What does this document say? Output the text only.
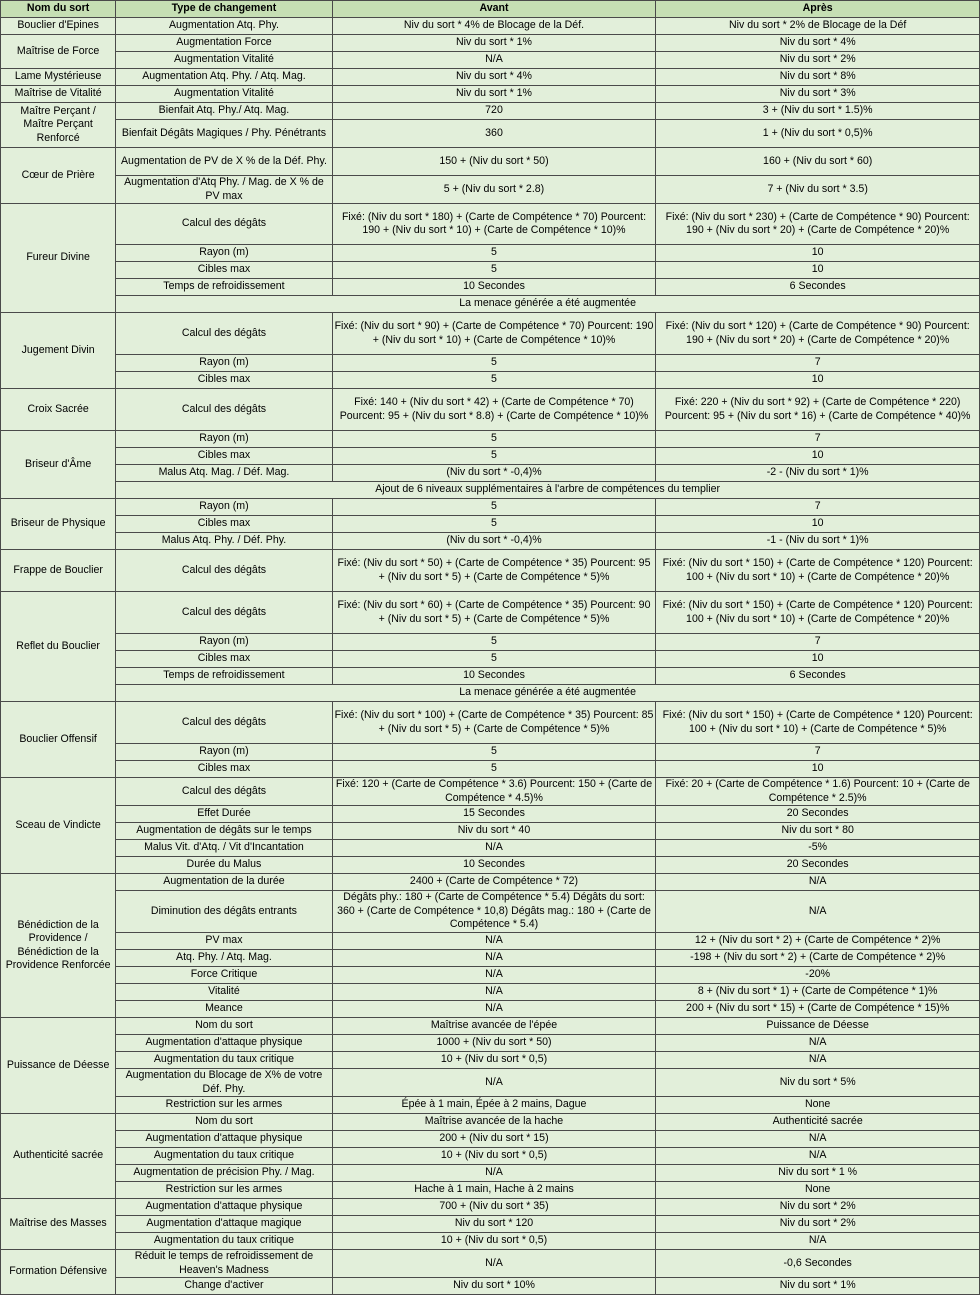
Nom du sort	Type de changement	Avant	Après
Bouclier d'Epines	Augmentation Atq. Phy.	Niv du sort * 4% de Blocage de la Déf.	Niv du sort * 2% de Blocage de la Déf
Maîtrise de Force	Augmentation Force	Niv du sort * 1%	Niv du sort * 4%
	Augmentation Vitalité	N/A	Niv du sort * 2%
Lame Mystérieuse	Augmentation Atq. Phy. / Atq. Mag.	Niv du sort * 4%	Niv du sort * 8%
Maîtrise de Vitalité	Augmentation Vitalité	Niv du sort * 1%	Niv du sort * 3%
Maître Perçant / Maître Perçant Renforcé	Bienfait Atq. Phy./ Atq. Mag.	720	3 + (Niv du sort * 1.5)%
	Bienfait Dégâts Magiques / Phy. Pénétrants	360	1 + (Niv du sort * 0,5)%
Cœur de Prière	Augmentation de PV de X % de la Déf. Phy.	150 + (Niv du sort * 50)	160 + (Niv du sort * 60)
	Augmentation d'Atq Phy. / Mag. de X % de PV max	5 + (Niv du sort * 2.8)	7 + (Niv du sort * 3.5)
Fureur Divine	Calcul des dégâts	Fixé: (Niv du sort * 180) + (Carte de Compétence * 70) Pourcent: 190 + (Niv du sort * 10) + (Carte de Compétence * 10)%	Fixé: (Niv du sort * 230) + (Carte de Compétence * 90) Pourcent: 190 + (Niv du sort * 20) + (Carte de Compétence * 20)%
	Rayon (m)	5	10
	Cibles max	5	10
	Temps de refroidissement	10 Secondes	6 Secondes
	La menace générée a été augmentée		
Jugement Divin	Calcul des dégâts	Fixé: (Niv du sort * 90) + (Carte de Compétence * 70) Pourcent: 190 + (Niv du sort * 10) + (Carte de Compétence * 10)%	Fixé: (Niv du sort * 120) + (Carte de Compétence * 90) Pourcent: 190 + (Niv du sort * 20) + (Carte de Compétence * 20)%
	Rayon (m)	5	7
	Cibles max	5	10
Croix Sacrée	Calcul des dégâts	Fixé: 140 + (Niv du sort * 42) + (Carte de Compétence * 70) Pourcent: 95 + (Niv du sort * 8.8) + (Carte de Compétence * 10)%	Fixé: 220 + (Niv du sort * 92) + (Carte de Compétence * 220) Pourcent: 95 + (Niv du sort * 16) + (Carte de Compétence * 40)%
Briseur d'Âme	Rayon (m)	5	7
	Cibles max	5	10
	Malus Atq. Mag. / Déf. Mag.	(Niv du sort * -0,4)%	-2 - (Niv du sort * 1)%
	Ajout de 6 niveaux supplémentaires à l'arbre de compétences du templier		
Briseur de Physique	Rayon (m)	5	7
	Cibles max	5	10
	Malus Atq. Phy. / Déf. Phy.	(Niv du sort * -0,4)%	-1 - (Niv du sort * 1)%
Frappe de Bouclier	Calcul des dégâts	Fixé: (Niv du sort * 50) + (Carte de Compétence * 35) Pourcent: 95 + (Niv du sort * 5) + (Carte de Compétence * 5)%	Fixé: (Niv du sort * 150) + (Carte de Compétence * 120) Pourcent: 100 + (Niv du sort * 10) + (Carte de Compétence * 20)%
Reflet du Bouclier	Calcul des dégâts	Fixé: (Niv du sort * 60) + (Carte de Compétence * 35) Pourcent: 90 + (Niv du sort * 5) + (Carte de Compétence * 5)%	Fixé: (Niv du sort * 150) + (Carte de Compétence * 120) Pourcent: 100 + (Niv du sort * 10) + (Carte de Compétence * 20)%
	Rayon (m)	5	7
	Cibles max	5	10
	Temps de refroidissement	10 Secondes	6 Secondes
	La menace générée a été augmentée		
Bouclier Offensif	Calcul des dégâts	Fixé: (Niv du sort * 100) + (Carte de Compétence * 35) Pourcent: 85 + (Niv du sort * 5) + (Carte de Compétence * 5)%	Fixé: (Niv du sort * 150) + (Carte de Compétence * 120) Pourcent: 100 + (Niv du sort * 10) + (Carte de Compétence * 5)%
	Rayon (m)	5	7
	Cibles max	5	10
Sceau de Vindicte	Calcul des dégâts	Fixé: 120 + (Carte de Compétence * 3.6) Pourcent: 150 + (Carte de Compétence * 4.5)%	Fixé: 20 + (Carte de Compétence * 1.6) Pourcent: 10 + (Carte de Compétence * 2.5)%
	Effet Durée	15 Secondes	20 Secondes
	Augmentation de dégâts sur le temps	Niv du sort * 40	Niv du sort * 80
	Malus Vit. d'Atq. / Vit d'Incantation	N/A	-5%
	Durée du Malus	10 Secondes	20 Secondes
Bénédiction de la Providence / Bénédiction de la Providence Renforcée	Augmentation de la durée	2400 + (Carte de Compétence * 72)	N/A
	Diminution des dégâts entrants	Dégâts phy.: 180 + (Carte de Compétence * 5.4) Dégâts du sort: 360 + (Carte de Compétence * 10,8) Dégâts mag.: 180 + (Carte de Compétence * 5.4)	N/A
	PV max	N/A	12 + (Niv du sort * 2) + (Carte de Compétence * 2)%
	Atq. Phy. / Atq. Mag.	N/A	-198 + (Niv du sort * 2) + (Carte de Compétence * 2)%
	Force Critique	N/A	-20%
	Vitalité	N/A	8 + (Niv du sort * 1) + (Carte de Compétence * 1)%
	Meance	N/A	200 + (Niv du sort * 15) + (Carte de Compétence * 15)%
Puissance de Déesse	Nom du sort	Maîtrise avancée de l'épée	Puissance de Déesse
	Augmentation d'attaque physique	1000 + (Niv du sort * 50)	N/A
	Augmentation du taux critique	10 + (Niv du sort * 0,5)	N/A
	Augmentation du Blocage de X% de votre Déf. Phy.	N/A	Niv du sort * 5%
	Restriction sur les armes	Épée à 1 main, Épée à 2 mains, Dague	None
Authenticité sacrée	Nom du sort	Maîtrise avancée de la hache	Authenticité sacrée
	Augmentation d'attaque physique	200 + (Niv du sort * 15)	N/A
	Augmentation du taux critique	10 + (Niv du sort * 0,5)	N/A
	Augmentation de précision Phy. / Mag.	N/A	Niv du sort * 1 %
	Restriction sur les armes	Hache à 1 main, Hache à 2 mains	None
Maîtrise des Masses	Augmentation d'attaque physique	700 + (Niv du sort * 35)	Niv du sort * 2%
	Augmentation d'attaque magique	Niv du sort * 120	Niv du sort * 2%
	Augmentation du taux critique	10 + (Niv du sort * 0,5)	N/A
Formation Défensive	Réduit le temps de refroidissement de Heaven's Madness	N/A	-0,6 Secondes
	Change d'activer	Niv du sort * 10%	Niv du sort * 1%
